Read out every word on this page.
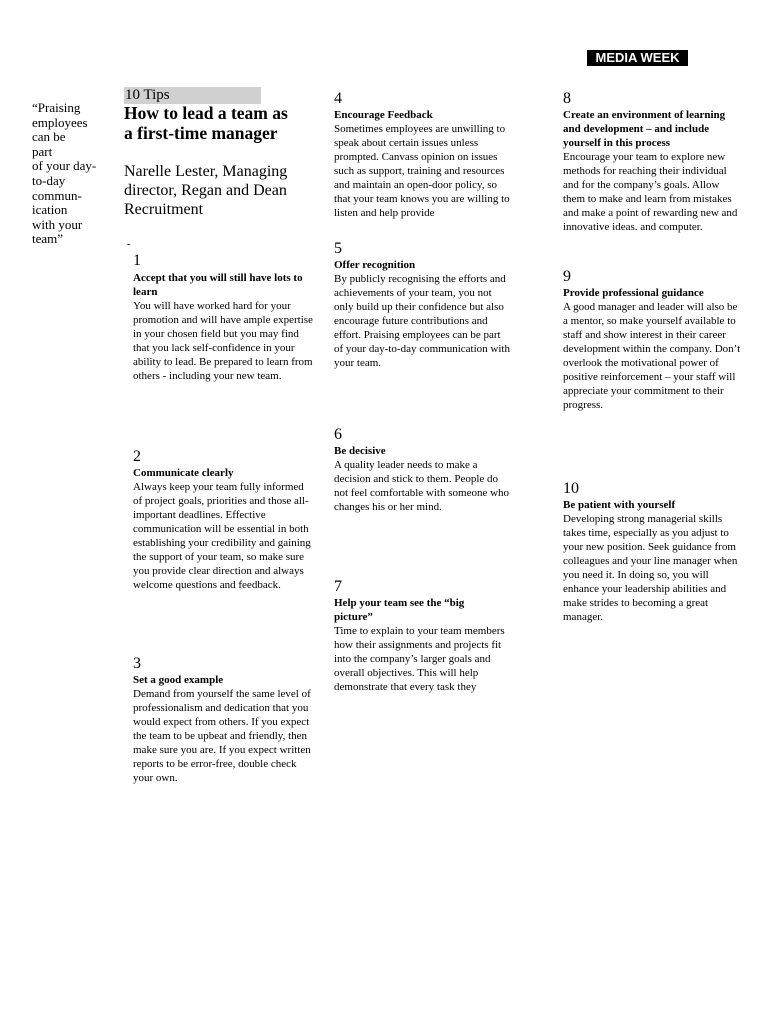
MEDIA WEEK
“Praising
employees
can be
part
of your day-
to-day
commun-
ication
with your
team”
10 Tips
How to lead a team as a first-time manager
Narelle Lester, Managing director, Regan and Dean Recruitment
-
1
Accept that you will still have lots to learn
You will have worked hard for your promotion and will have ample expertise in your chosen field but you may find that you lack self-confidence in your ability to lead. Be prepared to learn from others - including your new team.
2
Communicate clearly
Always keep your team fully informed of project goals, priorities and those all-important deadlines. Effective communication will be essential in both establishing your credibility and gaining the support of your team, so make sure you provide clear direction and always welcome questions and feedback.
3
Set a good example
Demand from yourself the same level of professionalism and dedication that you would expect from others. If you expect the team to be upbeat and friendly, then make sure you are. If you expect written reports to be error-free, double check your own.
4
Encourage Feedback
Sometimes employees are unwilling to speak about certain issues unless prompted. Canvass opinion on issues such as support, training and resources and maintain an open-door policy, so that your team knows you are willing to listen and help provide
5
Offer recognition
By publicly recognising the efforts and achievements of your team, you not only build up their confidence but also encourage future contributions and effort. Praising employees can be part of your day-to-day communication with your team.
6
Be decisive
A quality leader needs to make a decision and stick to them. People do not feel comfortable with someone who changes his or her mind.
7
Help your team see the “big picture”
Time to explain to your team members how their assignments and projects fit into the company’s larger goals and overall objectives. This will help demonstrate that every task they
8
Create an environment of learning and development – and include yourself in this process
Encourage your team to explore new methods for reaching their individual and for the company’s goals. Allow them to make and learn from mistakes and make a point of rewarding new and innovative ideas. and computer.
9
Provide professional guidance
A good manager and leader will also be a mentor, so make yourself available to staff and show interest in their career development within the company. Don’t overlook the motivational power of positive reinforcement – your staff will appreciate your commitment to their progress.
10
Be patient with yourself
Developing strong managerial skills takes time, especially as you adjust to your new position. Seek guidance from colleagues and your line manager when you need it. In doing so, you will enhance your leadership abilities and make strides to becoming a great manager.
